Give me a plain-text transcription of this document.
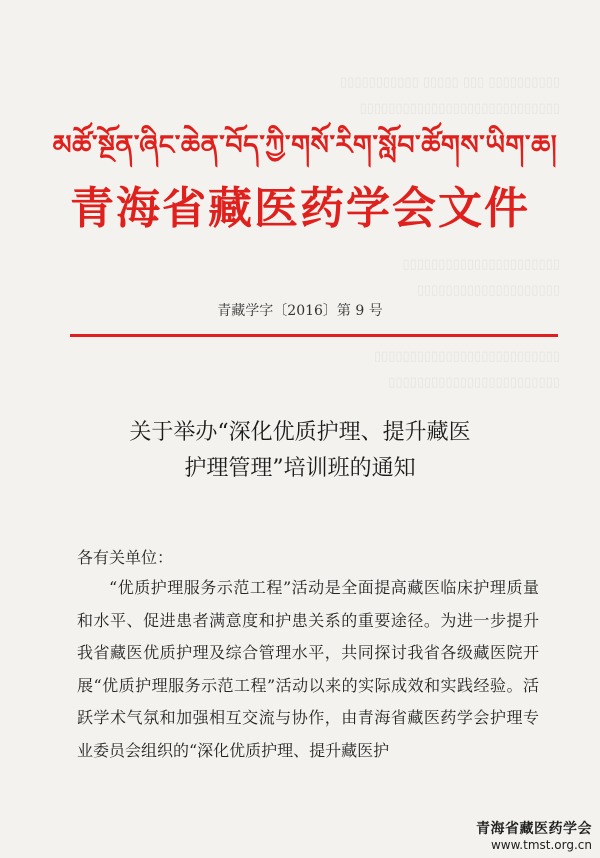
▯▯▯▯▯▯▯▯▯▯ ▯▯▯ ▯▯▯▯▯ ▯▯▯▯▯▯▯▯▯▯▯
▯▯▯▯▯▯▯▯▯▯▯▯▯▯▯▯▯▯▯▯▯▯▯▯▯▯▯▯
▯▯▯▯▯▯▯▯▯▯▯▯▯▯▯▯▯▯▯▯▯▯
▯▯▯▯▯▯▯▯▯▯▯▯▯▯▯▯▯▯▯▯
▯▯▯▯▯▯▯▯▯▯▯▯▯▯▯▯▯▯▯▯▯▯▯▯▯▯
▯▯▯▯▯▯▯▯▯▯▯▯▯▯▯▯▯▯▯▯▯▯▯▯
མཚོ་སྔོན་ཞིང་ཆེན་བོད་ཀྱི་གསོ་རིག་སློབ་ཚོགས་ཡིག་ཆ།
青海省藏医药学会文件
青藏学字〔2016〕第 9 号
关于举办“深化优质护理、提升藏医
护理管理”培训班的通知
各有关单位：
“优质护理服务示范工程”活动是全面提高藏医临床护理质量和水平、促进患者满意度和护患关系的重要途径。为进一步提升我省藏医优质护理及综合管理水平，共同探讨我省各级藏医院开展“优质护理服务示范工程”活动以来的实际成效和实践经验。活跃学术气氛和加强相互交流与协作，由青海省藏医药学会护理专业委员会组织的“深化优质护理、提升藏医护
青海省藏医药学会
www.tmst.org.cn
